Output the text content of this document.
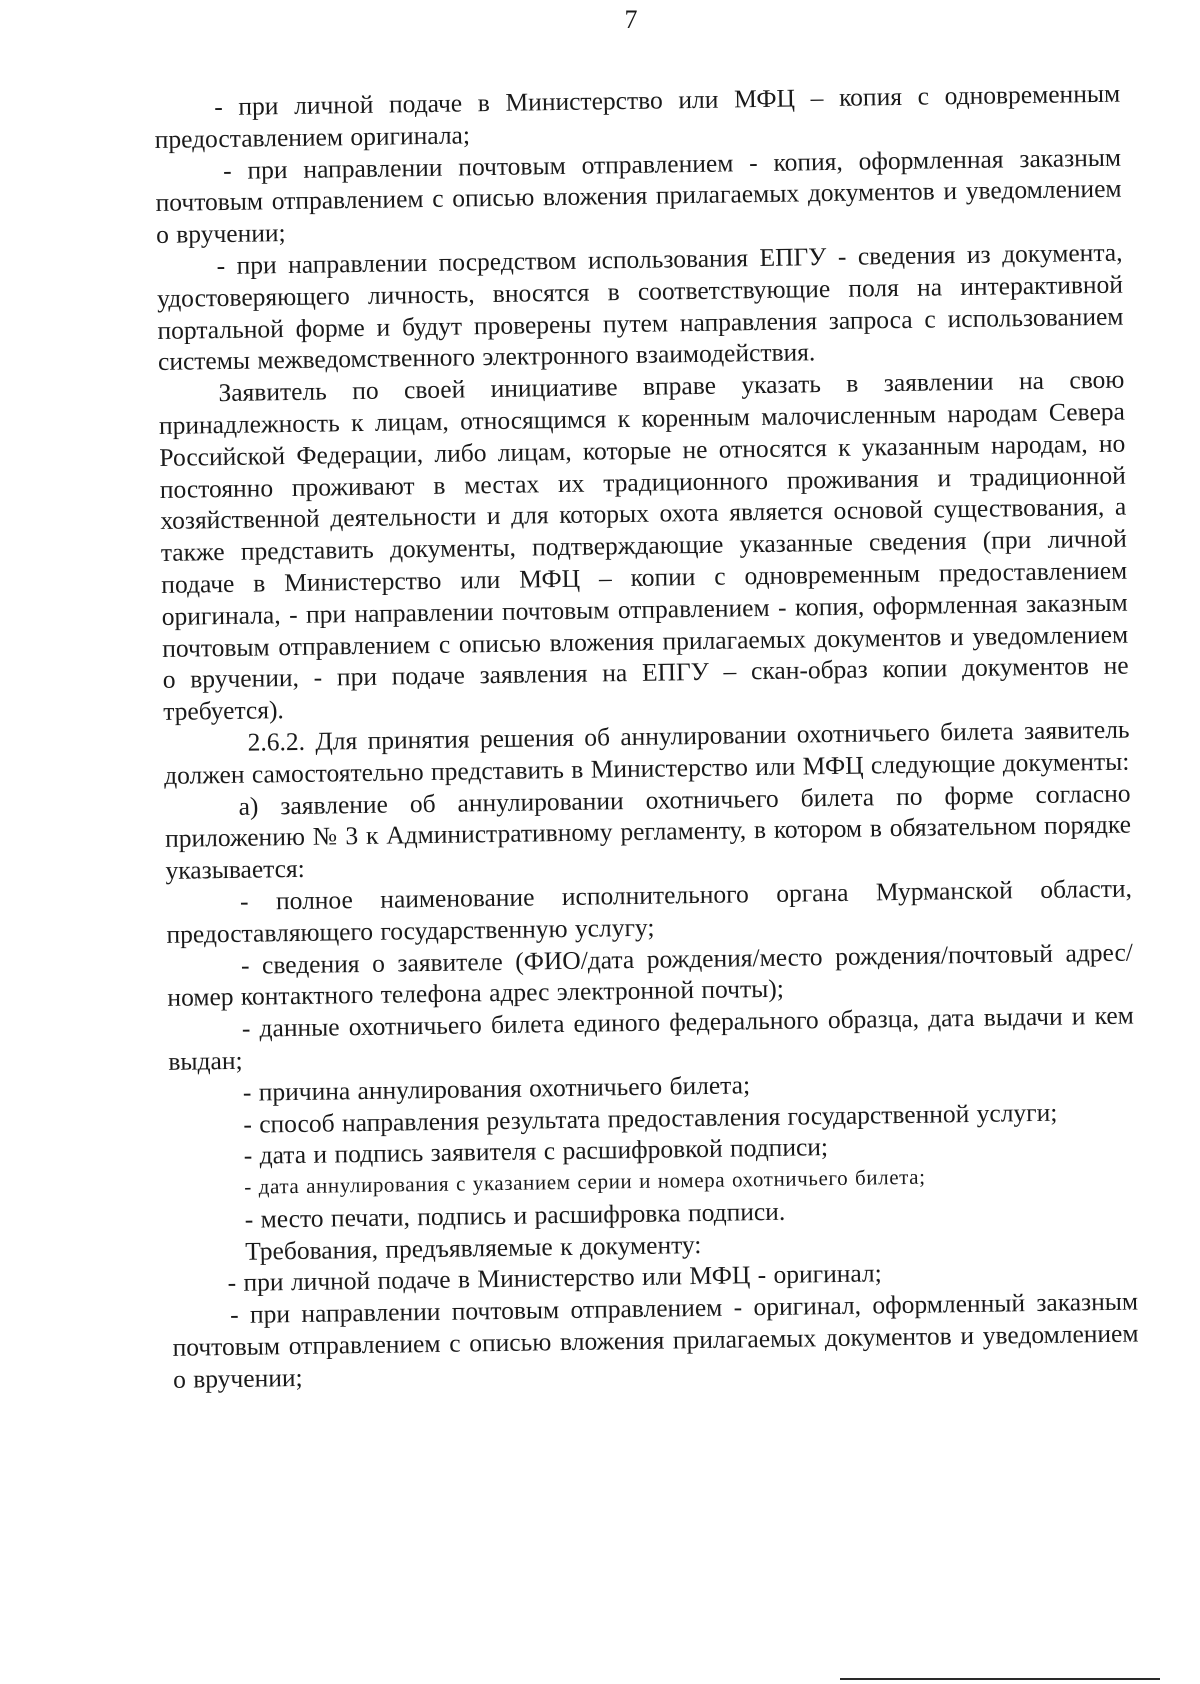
7

- при личной подаче в Министерство или МФЦ – копия с одновременным предоставлением оригинала;

- при направлении почтовым отправлением - копия, оформленная заказным почтовым отправлением с описью вложения прилагаемых документов и уведомлением о вручении;

- при направлении посредством использования ЕПГУ - сведения из документа, удостоверяющего личность, вносятся в соответствующие поля на интерактивной портальной форме и будут проверены путем направления запроса с использованием системы межведомственного электронного взаимодействия.

Заявитель по своей инициативе вправе указать в заявлении на свою принадлежность к лицам, относящимся к коренным малочисленным народам Севера Российской Федерации, либо лицам, которые не относятся к указанным народам, но постоянно проживают в местах их традиционного проживания и традиционной хозяйственной деятельности и для которых охота является основой существования, а также представить документы, подтверждающие указанные сведения (при личной подаче в Министерство или МФЦ – копии с одновременным предоставлением оригинала, - при направлении почтовым отправлением - копия, оформленная заказным почтовым отправлением с описью вложения прилагаемых документов и уведомлением о вручении, - при подаче заявления на ЕПГУ – скан-образ копии документов не требуется).

2.6.2. Для принятия решения об аннулировании охотничьего билета заявитель должен самостоятельно представить в Министерство или МФЦ следующие документы:

а) заявление об аннулировании охотничьего билета по форме согласно приложению № 3 к Административному регламенту, в котором в обязательном порядке указывается:

- полное наименование исполнительного органа Мурманской области, предоставляющего государственную услугу;

- сведения о заявителе (ФИО/дата рождения/место рождения/почтовый адрес/номер контактного телефона адрес электронной почты);

- данные охотничьего билета единого федерального образца, дата выдачи и кем выдан;

- причина аннулирования охотничьего билета;

- способ направления результата предоставления государственной услуги;

- дата и подпись заявителя с расшифровкой подписи;

- дата аннулирования с указанием серии и номера охотничьего билета;

- место печати, подпись и расшифровка подписи.

Требования, предъявляемые к документу:

- при личной подаче в Министерство или МФЦ - оригинал;

- при направлении почтовым отправлением - оригинал, оформленный заказным почтовым отправлением с описью вложения прилагаемых документов и уведомлением о вручении;
